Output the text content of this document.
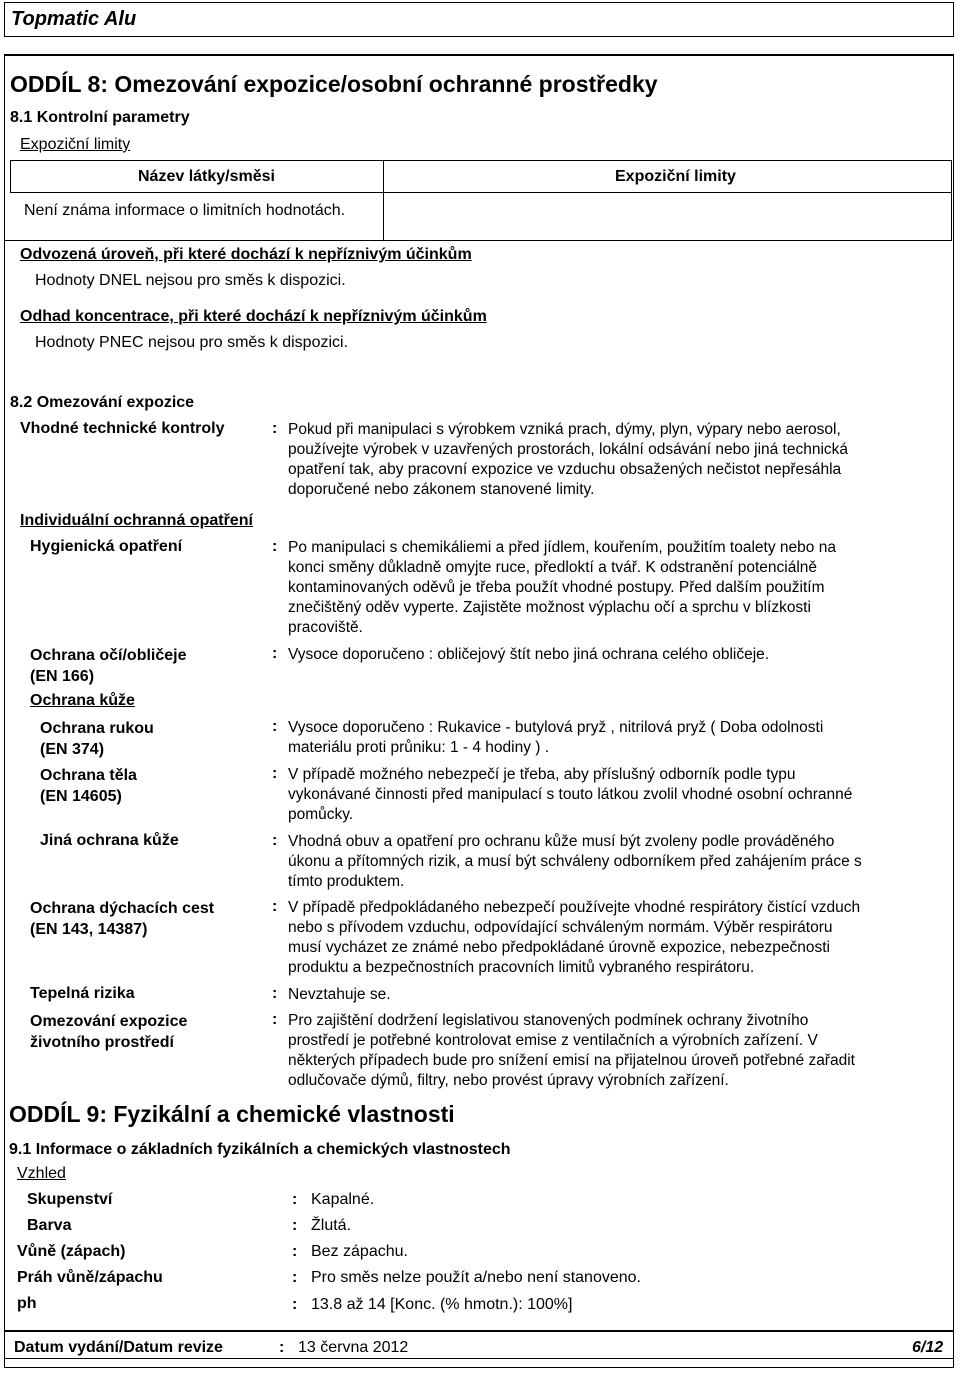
Topmatic Alu
ODDÍL 8: Omezování expozice/osobní ochranné prostředky
8.1 Kontrolní parametry
Expoziční limity
Název látky/směsi	Expoziční limity
Není známa informace o limitních hodnotách.
Odvozená úroveň, při které dochází k nepříznivým účinkům
Hodnoty DNEL nejsou pro směs k dispozici.
Odhad koncentrace, při které dochází k nepříznivým účinkům
Hodnoty PNEC nejsou pro směs k dispozici.
8.2 Omezování expozice
Vhodné technické kontroly	: Pokud při manipulaci s výrobkem vzniká prach, dýmy, plyn, výpary nebo aerosol,
používejte výrobek v uzavřených prostorách, lokální odsávání nebo jiná technická
opatření tak, aby pracovní expozice ve vzduchu obsažených nečistot nepřesáhla
doporučené nebo zákonem stanovené limity.
Individuální ochranná opatření
Hygienická opatření	: Po manipulaci s chemikáliemi a před jídlem, kouřením, použitím toalety nebo na
konci směny důkladně omyjte ruce, předloktí a tvář. K odstranění potenciálně
kontaminovaných oděvů je třeba použít vhodné postupy. Před dalším použitím
znečištěný oděv vyperte. Zajistěte možnost výplachu očí a sprchu v blízkosti
pracoviště.
Ochrana očí/obličeje
(EN 166)
: Vysoce doporučeno : obličejový štít nebo jiná ochrana celého obličeje.
Ochrana kůže
Ochrana rukou
(EN 374)
: Vysoce doporučeno : Rukavice - butylová pryž , nitrilová pryž ( Doba odolnosti
materiálu proti průniku: 1 - 4 hodiny ) .
Ochrana těla
(EN 14605)
: V případě možného nebezpečí je třeba, aby příslušný odborník podle typu
vykonávané činnosti před manipulací s touto látkou zvolil vhodné osobní ochranné
pomůcky.
Jiná ochrana kůže	: Vhodná obuv a opatření pro ochranu kůže musí být zvoleny podle prováděného
úkonu a přítomných rizik, a musí být schváleny odborníkem před zahájením práce s
tímto produktem.
Ochrana dýchacích cest
(EN 143, 14387)
: V případě předpokládaného nebezpečí používejte vhodné respirátory čistící vzduch
nebo s přívodem vzduchu, odpovídající schváleným normám. Výběr respirátoru
musí vycházet ze známé nebo předpokládané úrovně expozice, nebezpečnosti
produktu a bezpečnostních pracovních limitů vybraného respirátoru.
Tepelná rizika	: Nevztahuje se.
Omezování expozice
životního prostředí
: Pro zajištění dodržení legislativou stanovených podmínek ochrany životního
prostředí je potřebné kontrolovat emise z ventilačních a výrobních zařízení. V
některých případech bude pro snížení emisí na přijatelnou úroveň potřebné zařadit
odlučovače dýmů, filtry, nebo provést úpravy výrobních zařízení.
ODDÍL 9: Fyzikální a chemické vlastnosti
9.1 Informace o základních fyzikálních a chemických vlastnostech
Vzhled
Skupenství	: Kapalné.
Barva	: Žlutá.
Vůně (zápach)	: Bez zápachu.
Práh vůně/zápachu	: Pro směs nelze použít a/nebo není stanoveno.
ph	: 13.8 až 14 [Konc. (% hmotn.): 100%]
Datum vydání/Datum revize	: 13 června 2012	6/12
